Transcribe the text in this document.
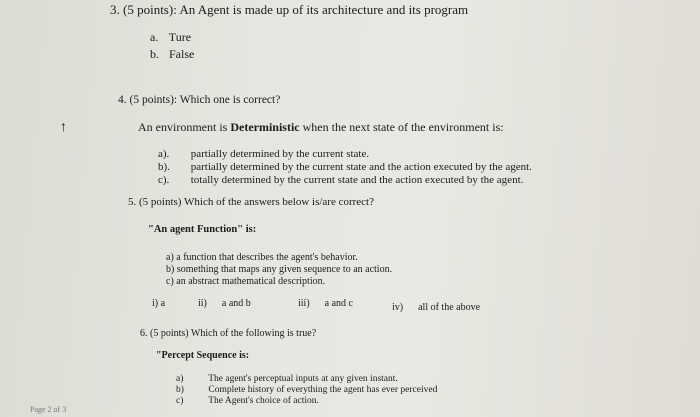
3. (5 points): An Agent is made up of its architecture and its program
a. Ture
b. False
4. (5 points): Which one is correct?
An environment is Deterministic when the next state of the environment is:
↑
a). partially determined by the current state.
b). partially determined by the current state and the action executed by the agent.
c). totally determined by the current state and the action executed by the agent.
5. (5 points) Which of the answers below is/are correct?
"An agent Function" is:
a) a function that describes the agent's behavior.
b) something that maps any given sequence to an action.
c) an abstract mathematical description.
i) a	ii) a and b	iii) a and c	iv) all of the above
6. (5 points) Which of the following is true?
"Percept Sequence is:
a)	The agent's perceptual inputs at any given instant.
b)	Complete history of everything the agent has ever perceived
c)	The Agent's choice of action.
Page 2 of 3
